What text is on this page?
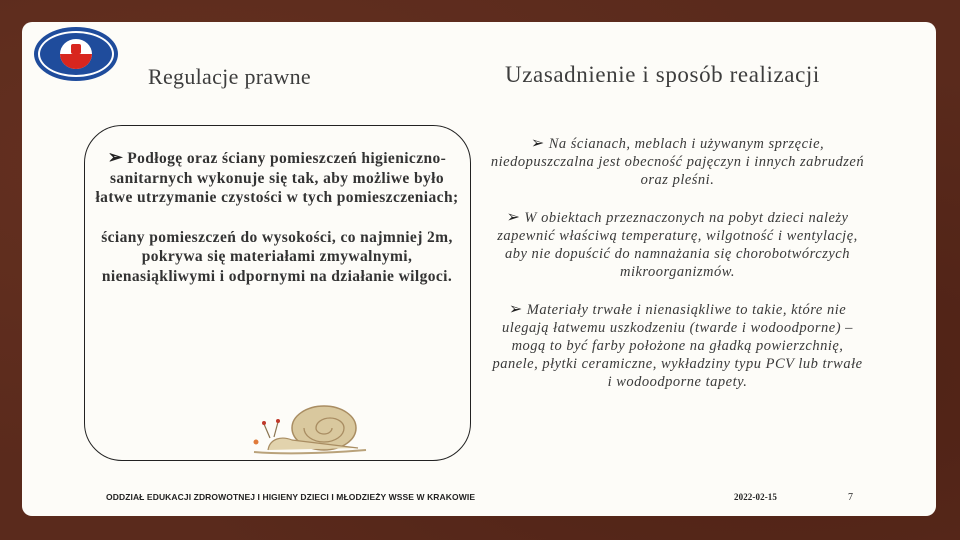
Regulacje prawne	Uzasadnienie i sposób realizacji
➢ Podłogę oraz ściany pomieszczeń higieniczno-sanitarnych wykonuje się tak, aby możliwe było łatwe utrzymanie czystości w tych pomieszczeniach;
ściany pomieszczeń do wysokości, co najmniej 2m, pokrywa się materiałami zmywalnymi, nienasiąkliwymi i odpornymi na działanie wilgoci.
➢ Na ścianach, meblach i używanym sprzęcie, niedopuszczalna jest obecność pajęczyn i innych zabrudzeń oraz pleśni.
➢ W obiektach przeznaczonych na pobyt dzieci należy zapewnić właściwą temperaturę, wilgotność i wentylację, aby nie dopuścić do namnażania się chorobotwórczych mikroorganizmów.
➢ Materiały trwałe i nienasiąkliwe to takie, które nie ulegają łatwemu uszkodzeniu (twarde i wodoodporne) – mogą to być farby położone na gładką powierzchnię, panele, płytki ceramiczne, wykładziny typu PCV lub trwałe i wodoodporne tapety.
ODDZIAŁ EDUKACJI ZDROWOTNEJ I HIGIENY DZIECI I MŁODZIEŻY WSSE W KRAKOWIE	2022-02-15	7
